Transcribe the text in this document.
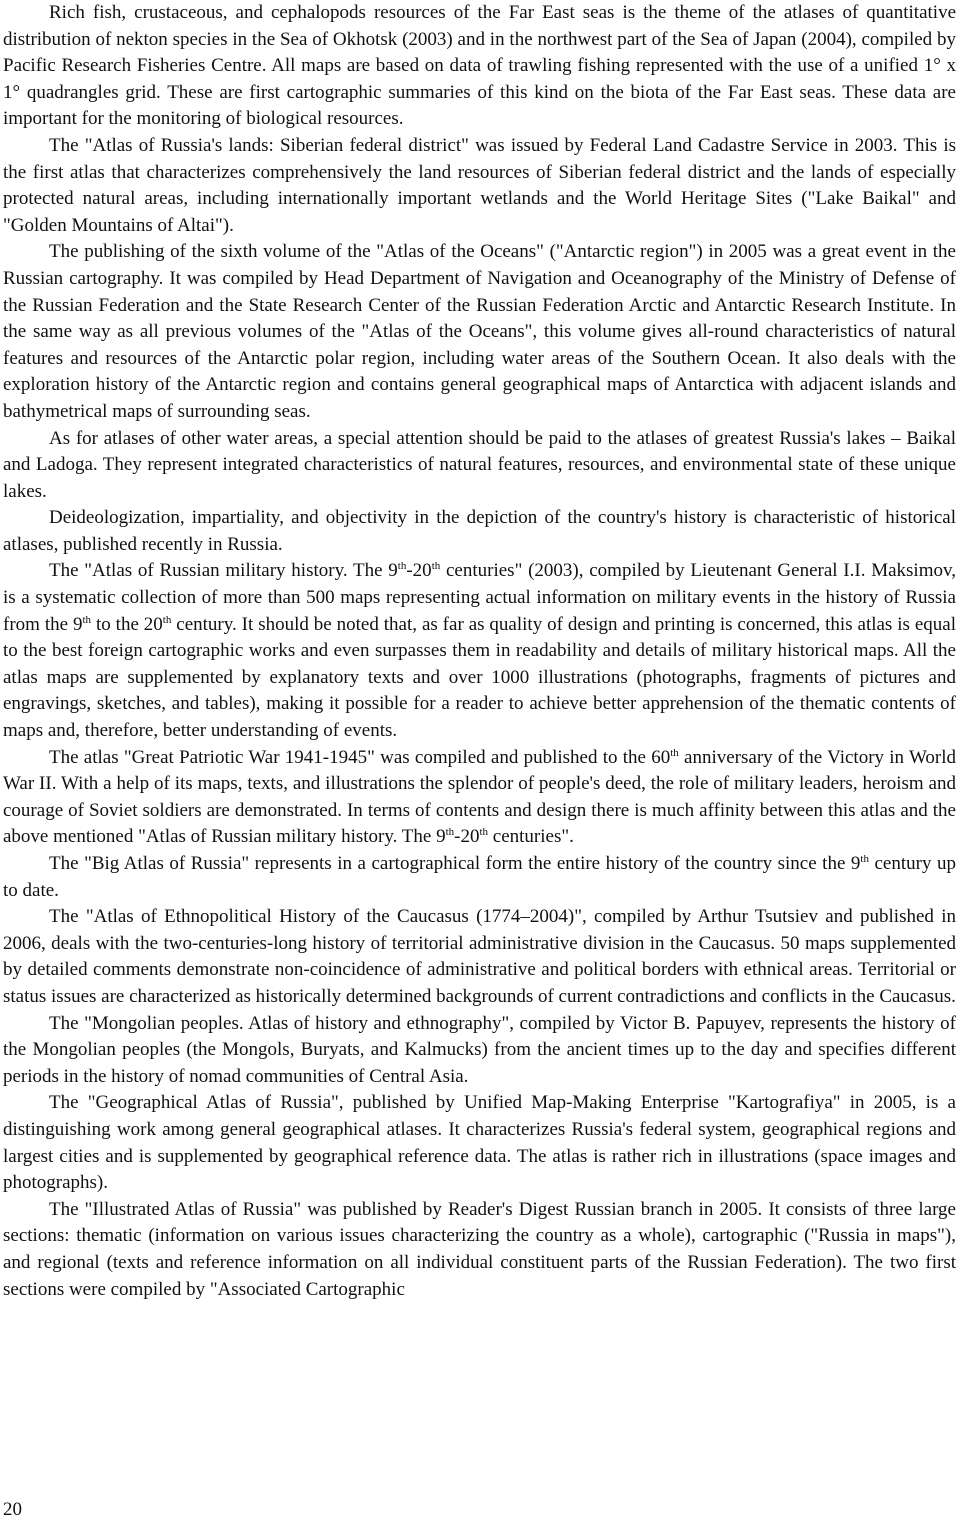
Rich fish, crustaceous, and cephalopods resources of the Far East seas is the theme of the atlases of quantitative distribution of nekton species in the Sea of Okhotsk (2003) and in the northwest part of the Sea of Japan (2004), compiled by Pacific Research Fisheries Centre. All maps are based on data of trawling fishing represented with the use of a unified 1° x 1° quadrangles grid. These are first cartographic summaries of this kind on the biota of the Far East seas. These data are important for the monitoring of biological resources.

The "Atlas of Russia's lands: Siberian federal district" was issued by Federal Land Cadastre Service in 2003. This is the first atlas that characterizes comprehensively the land resources of Siberian federal district and the lands of especially protected natural areas, including internationally important wetlands and the World Heritage Sites ("Lake Baikal" and "Golden Mountains of Altai").

The publishing of the sixth volume of the "Atlas of the Oceans" ("Antarctic region") in 2005 was a great event in the Russian cartography. It was compiled by Head Department of Navigation and Oceanography of the Ministry of Defense of the Russian Federation and the State Research Center of the Russian Federation Arctic and Antarctic Research Institute. In the same way as all previous volumes of the "Atlas of the Oceans", this volume gives all-round characteristics of natural features and resources of the Antarctic polar region, including water areas of the Southern Ocean. It also deals with the exploration history of the Antarctic region and contains general geographical maps of Antarctica with adjacent islands and bathymetrical maps of surrounding seas.

As for atlases of other water areas, a special attention should be paid to the atlases of greatest Russia's lakes – Baikal and Ladoga. They represent integrated characteristics of natural features, resources, and environmental state of these unique lakes.

Deideologization, impartiality, and objectivity in the depiction of the country's history is characteristic of historical atlases, published recently in Russia.

The "Atlas of Russian military history. The 9th-20th centuries" (2003), compiled by Lieutenant General I.I. Maksimov, is a systematic collection of more than 500 maps representing actual information on military events in the history of Russia from the 9th to the 20th century. It should be noted that, as far as quality of design and printing is concerned, this atlas is equal to the best foreign cartographic works and even surpasses them in readability and details of military historical maps. All the atlas maps are supplemented by explanatory texts and over 1000 illustrations (photographs, fragments of pictures and engravings, sketches, and tables), making it possible for a reader to achieve better apprehension of the thematic contents of maps and, therefore, better understanding of events.

The atlas "Great Patriotic War 1941-1945" was compiled and published to the 60th anniversary of the Victory in World War II. With a help of its maps, texts, and illustrations the splendor of people's deed, the role of military leaders, heroism and courage of Soviet soldiers are demonstrated. In terms of contents and design there is much affinity between this atlas and the above mentioned "Atlas of Russian military history. The 9th-20th centuries".

The "Big Atlas of Russia" represents in a cartographical form the entire history of the country since the 9th century up to date.

The "Atlas of Ethnopolitical History of the Caucasus (1774–2004)", compiled by Arthur Tsutsiev and published in 2006, deals with the two-centuries-long history of territorial administrative division in the Caucasus. 50 maps supplemented by detailed comments demonstrate non-coincidence of administrative and political borders with ethnical areas. Territorial or status issues are characterized as historically determined backgrounds of current contradictions and conflicts in the Caucasus.

The "Mongolian peoples. Atlas of history and ethnography", compiled by Victor B. Papuyev, represents the history of the Mongolian peoples (the Mongols, Buryats, and Kalmucks) from the ancient times up to the day and specifies different periods in the history of nomad communities of Central Asia.

The "Geographical Atlas of Russia", published by Unified Map-Making Enterprise "Kartografiya" in 2005, is a distinguishing work among general geographical atlases. It characterizes Russia's federal system, geographical regions and largest cities and is supplemented by geographical reference data. The atlas is rather rich in illustrations (space images and photographs).

The "Illustrated Atlas of Russia" was published by Reader's Digest Russian branch in 2005. It consists of three large sections: thematic (information on various issues characterizing the country as a whole), cartographic ("Russia in maps"), and regional (texts and reference information on all individual constituent parts of the Russian Federation). The two first sections were compiled by "Associated Cartographic

20
